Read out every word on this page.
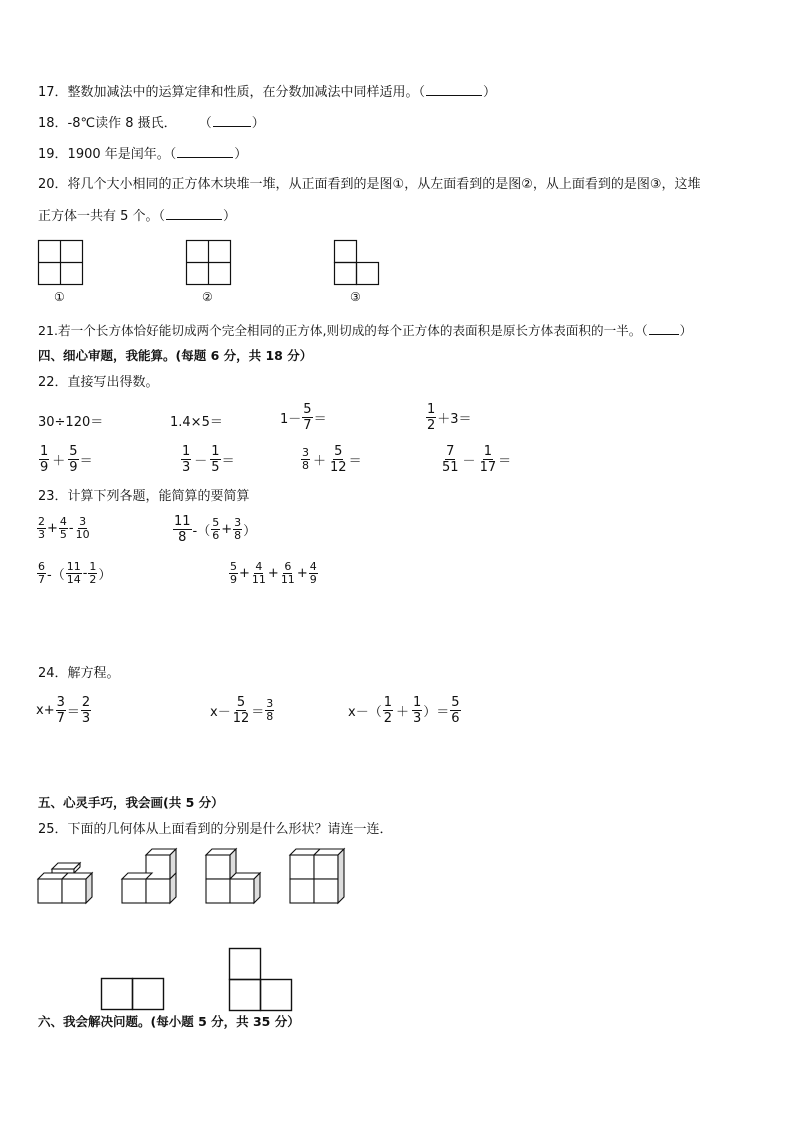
17．整数加减法中的运算定律和性质，在分数加减法中同样适用。（	）
18．-8℃读作 8 摄氏． （	）
19．1900 年是闰年。（	）
20．将几个大小相同的正方体木块堆一堆，从正面看到的是图①，从左面看到的是图②，从上面看到的是图③，这堆
正方体一共有 5 个。（	）
①	②	③
21.若一个长方体恰好能切成两个完全相同的正方体,则切成的每个正方体的表面积是原长方体表面积的一半。（	）
四、细心审题，我能算。(每题 6 分，共 18 分）
22．直接写出得数。
30÷120＝	1.4×5＝	$1- \frac{5}{7}$ ＝	$\frac{1}{2} +3=$
$\frac{1}{9} + \frac{5}{9}$ ＝	$\frac{1}{3} - \frac{1}{5}$ ＝	$\frac{3}{8} + \frac{5}{12}$ ＝	$\frac{7}{51} - \frac{1}{17}$ ＝
23．计算下列各题，能简算的要简算
$\frac{2}{3} + \frac{4}{5} - \frac{3}{10}$	$\frac{11}{8}$ -（ $\frac{5}{6} + \frac{3}{8}$ ）
$\frac{6}{7}$ -（ $\frac{11}{14} - \frac{1}{2}$ ）	$\frac{5}{9} + \frac{4}{11} + \frac{6}{11} + \frac{4}{9}$
24．解方程。
$x+ \frac{3}{7} = \frac{2}{3}$	$x- \frac{5}{12} = \frac{3}{8}$	$x-( \frac{1}{2} + \frac{1}{3}$ ）＝ $\frac{5}{6}$
五、心灵手巧，我会画(共 5 分）
25．下面的几何体从上面看到的分别是什么形状？请连一连．
六、我会解决问题。(每小题 5 分，共 35 分）
